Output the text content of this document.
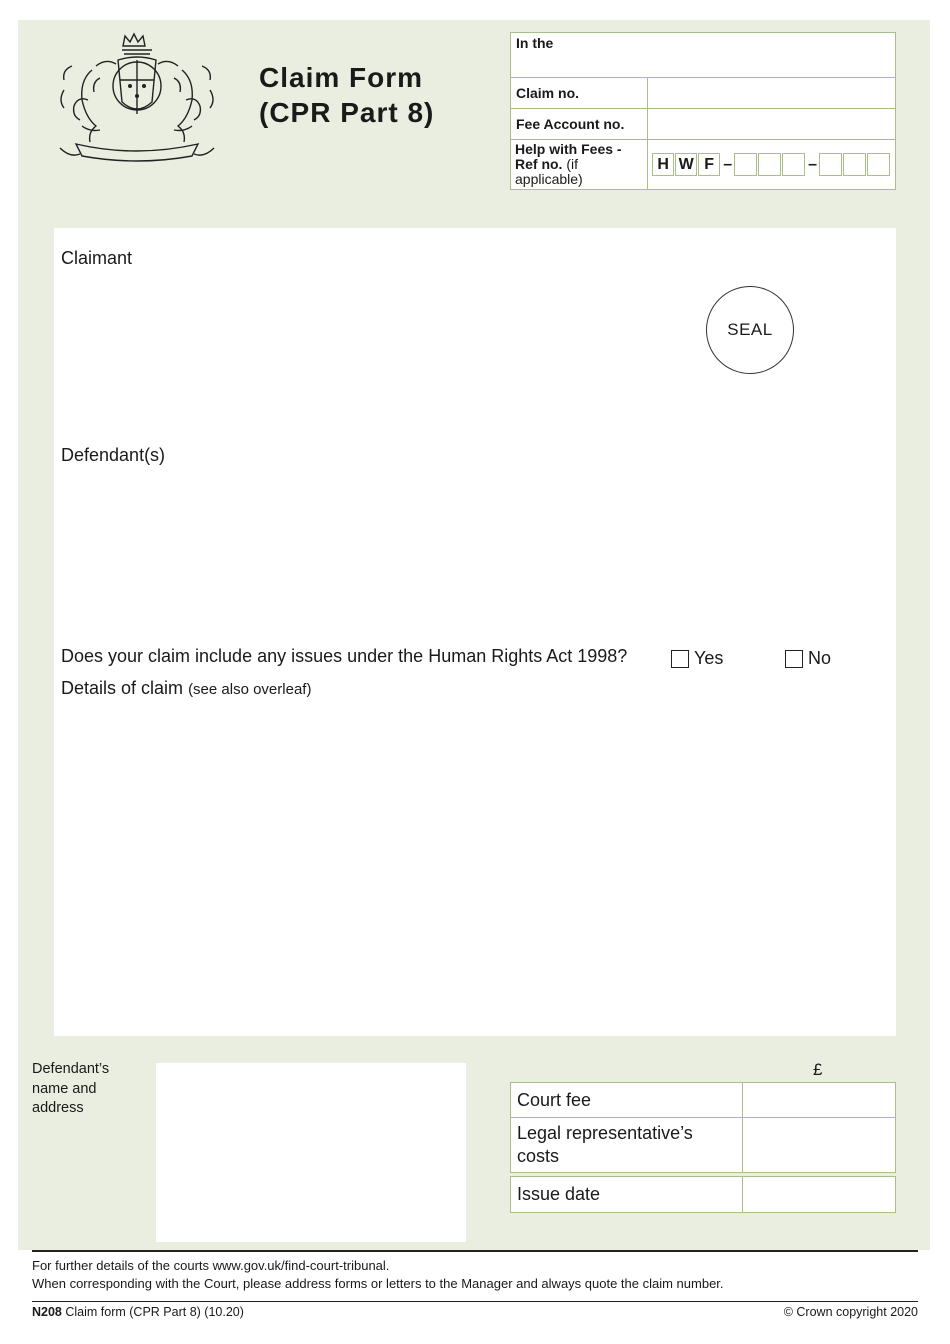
Claim Form
(CPR Part 8)
In the	
Claim no.	
Fee Account no.	
Help with Fees - Ref no. (if applicable)	H W F – –
Claimant
SEAL
Defendant(s)
Does your claim include any issues under the Human Rights Act 1998?	Yes	No
Details of claim (see also overleaf)
Defendant’s name and address
£
Court fee	
Legal representative’s costs	
Issue date	
For further details of the courts www.gov.uk/find-court-tribunal.
When corresponding with the Court, please address forms or letters to the Manager and always quote the claim number.
N208 Claim form (CPR Part 8) (10.20)	© Crown copyright 2020
